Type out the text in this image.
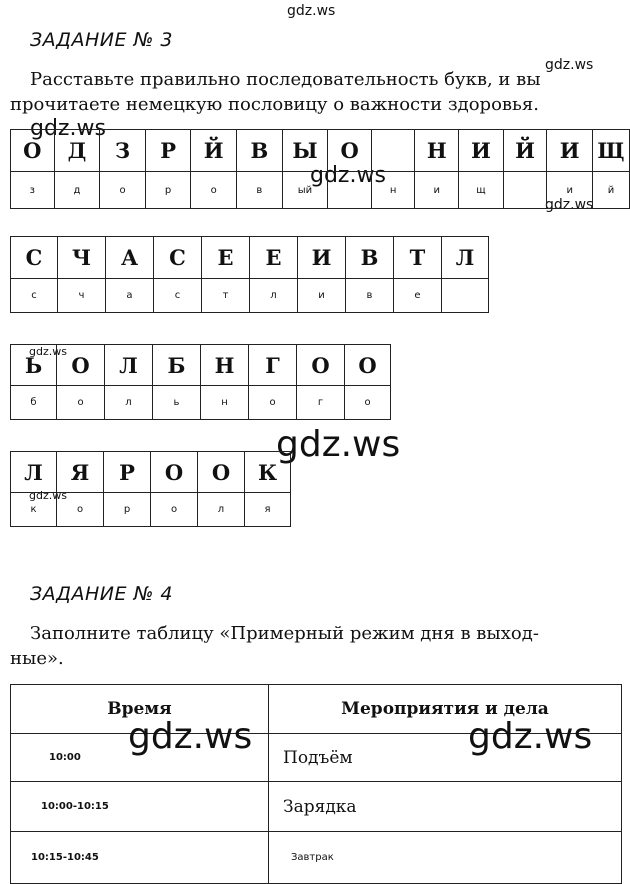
gdz.ws
gdz.ws
gdz.ws
gdz.ws
gdz.ws
gdz.ws
gdz.ws
gdz.ws
gdz.ws	gdz.ws
ЗАДАНИЕ № 3
Расставьте правильно последовательность букв, и вы
прочитаете немецкую пословицу о важности здоровья.
О	Д	З	Р	Й	В	Ы	О		Н	И	Й	И	Щ
з	д	о	р	о	в	ый		н	и	щ		и	й
С	Ч	А	С	Е	Е	И	В	Т	Л
с	ч	а	с	т	л	и	в	е	
Ь	О	Л	Б	Н	Г	О	О
б	о	л	ь	н	о	г	о
Л	Я	Р	О	О	К
к	о	р	о	л	я
ЗАДАНИЕ № 4
Заполните таблицу «Примерный режим дня в выход-
ные».
Время	Мероприятия и дела
10:00	Подъём
10:00-10:15	Зарядка
10:15-10:45	Завтрак
